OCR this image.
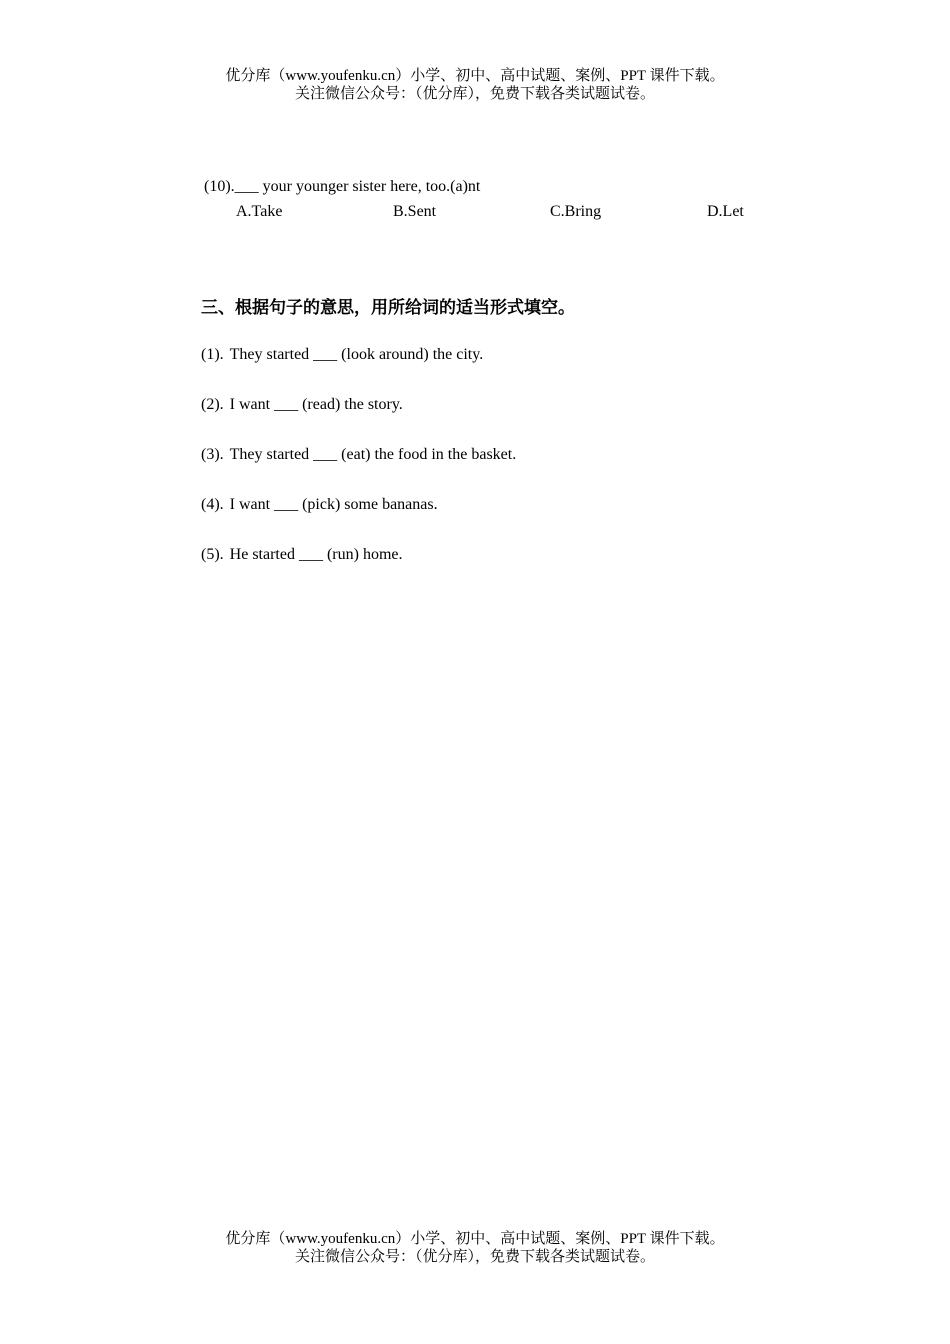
优分库（www.youfenku.cn）小学、初中、高中试题、案例、PPT 课件下载。
关注微信公众号：（优分库），免费下载各类试题试卷。
(10).___ your younger sister here, too.(a)nt
A.Take	B.Sent	C.Bring	D.Let
三、根据句子的意思，用所给词的适当形式填空。
(1). They started ___ (look around) the city.
(2). I want ___ (read) the story.
(3). They started ___ (eat) the food in the basket.
(4). I want ___ (pick) some bananas.
(5). He started ___ (run) home.
优分库（www.youfenku.cn）小学、初中、高中试题、案例、PPT 课件下载。
关注微信公众号：（优分库），免费下载各类试题试卷。
